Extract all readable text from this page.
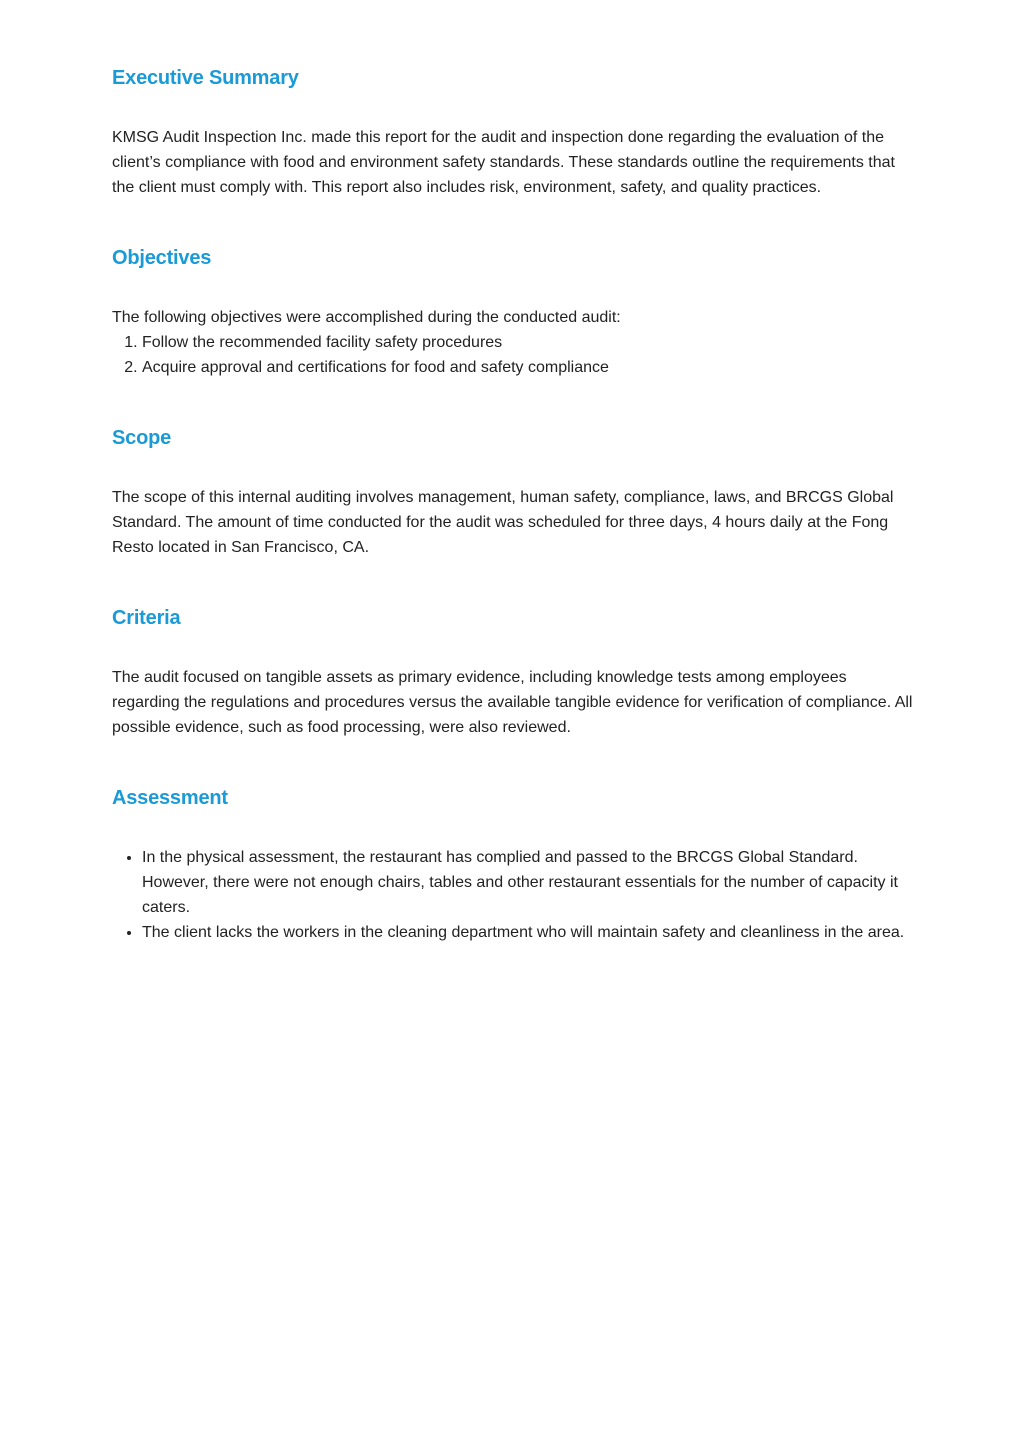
Executive Summary

KMSG Audit Inspection Inc. made this report for the audit and inspection done regarding the evaluation of the client’s compliance with food and environment safety standards. These standards outline the requirements that the client must comply with. This report also includes risk, environment, safety, and quality practices.

Objectives

The following objectives were accomplished during the conducted audit:

1. Follow the recommended facility safety procedures
2. Acquire approval and certifications for food and safety compliance
Scope

The scope of this internal auditing involves management, human safety, compliance, laws, and BRCGS Global Standard. The amount of time conducted for the audit was scheduled for three days, 4 hours daily at the Fong Resto located in San Francisco, CA.

Criteria

The audit focused on tangible assets as primary evidence, including knowledge tests among employees regarding the regulations and procedures versus the available tangible evidence for verification of compliance. All possible evidence, such as food processing, were also reviewed.

Assessment
• In the physical assessment, the restaurant has complied and passed to the BRCGS Global Standard. However, there were not enough chairs, tables and other restaurant essentials for the number of capacity it caters.
• The client lacks the workers in the cleaning department who will maintain safety and cleanliness in the area.
